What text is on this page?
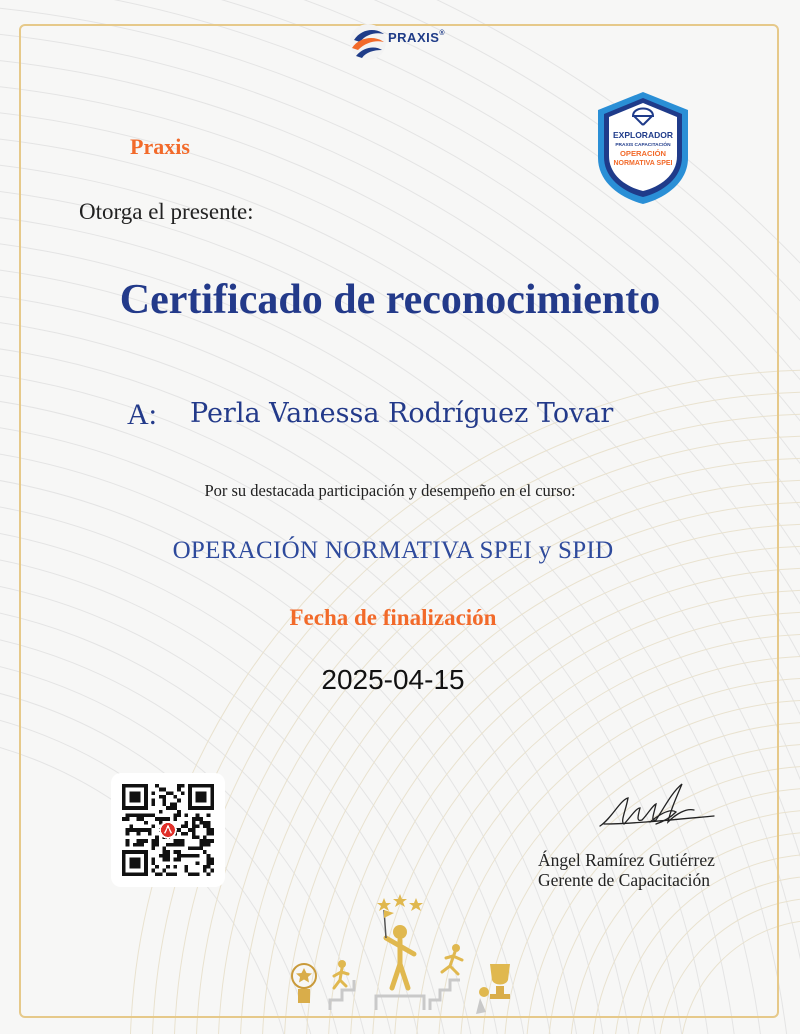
PRAXIS®
EXPLORADOR
PRAXIS CAPACITACIÓN
OPERACIÓN
NORMATIVA SPEI
Praxis
Otorga el presente:
Certificado de reconocimiento
A: Perla Vanessa Rodríguez Tovar
Por su destacada participación y desempeño en el curso:
OPERACIÓN NORMATIVA SPEI y SPID
Fecha de finalización
2025-04-15
Ángel Ramírez Gutiérrez
Gerente de Capacitación
